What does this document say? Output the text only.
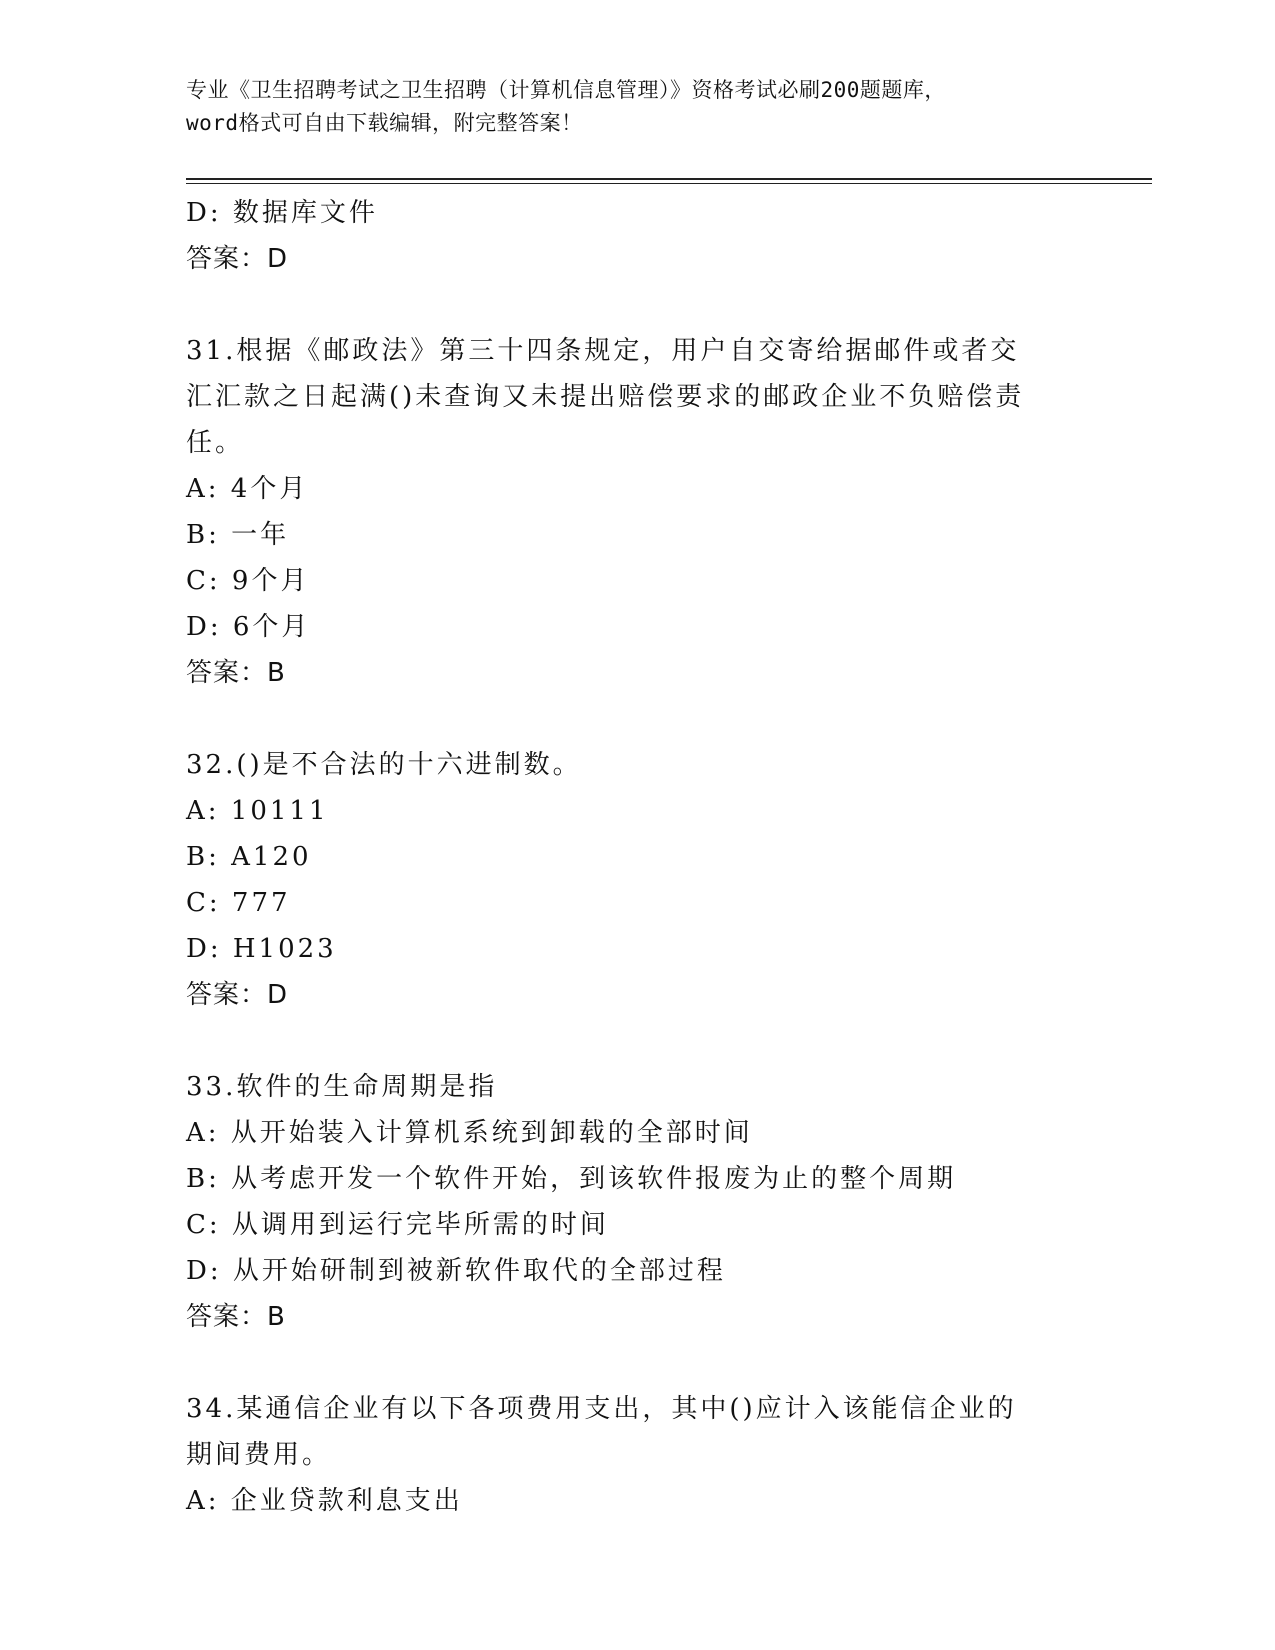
专业《卫生招聘考试之卫生招聘（计算机信息管理）》资格考试必刷200题题库，
word格式可自由下载编辑，附完整答案！
D: 数据库文件
答案：D
31.根据《邮政法》第三十四条规定，用户自交寄给据邮件或者交汇汇款之日起满()未查询又未提出赔偿要求的邮政企业不负赔偿责任。
A: 4个月
B: 一年
C: 9个月
D: 6个月
答案：B
32.()是不合法的十六进制数。
A: 10111
B: A120
C: 777
D: H1023
答案：D
33.软件的生命周期是指
A: 从开始装入计算机系统到卸载的全部时间
B: 从考虑开发一个软件开始，到该软件报废为止的整个周期
C: 从调用到运行完毕所需的时间
D: 从开始研制到被新软件取代的全部过程
答案：B
34.某通信企业有以下各项费用支出，其中()应计入该能信企业的期间费用。
A: 企业贷款利息支出
